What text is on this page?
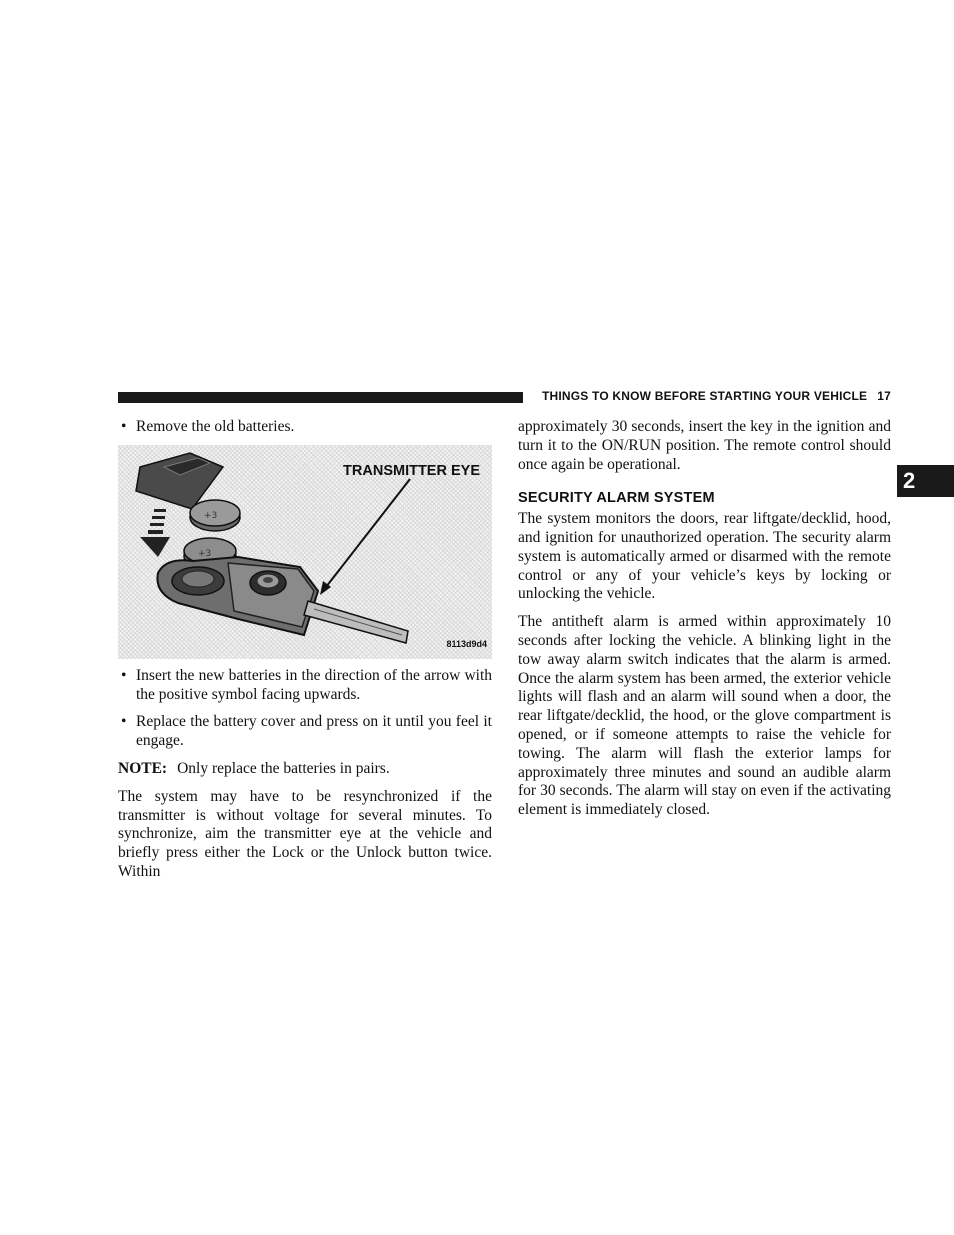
THINGS TO KNOW BEFORE STARTING YOUR VEHICLE 17
2
• Remove the old batteries.
+3
+3
TRANSMITTER EYE
8113d9d4
• Insert the new batteries in the direction of the arrow with the positive symbol facing upwards.
• Replace the battery cover and press on it until you feel it engage.

NOTE: Only replace the batteries in pairs.

The system may have to be resynchronized if the transmitter is without voltage for several minutes. To synchronize, aim the transmitter eye at the vehicle and briefly press either the Lock or the Unlock button twice. Within

approximately 30 seconds, insert the key in the ignition and turn it to the ON/RUN position. The remote control should once again be operational.

SECURITY ALARM SYSTEM

The system monitors the doors, rear liftgate/decklid, hood, and ignition for unauthorized operation. The security alarm system is automatically armed or disarmed with the remote control or any of your vehicle’s keys by locking or unlocking the vehicle.

The antitheft alarm is armed within approximately 10 seconds after locking the vehicle. A blinking light in the tow away alarm switch indicates that the alarm is armed. Once the alarm system has been armed, the exterior vehicle lights will flash and an alarm will sound when a door, the rear liftgate/decklid, the hood, or the glove compartment is opened, or if someone attempts to raise the vehicle for towing. The alarm will flash the exterior lamps for approximately three minutes and sound an audible alarm for 30 seconds. The alarm will stay on even if the activating element is immediately closed.
